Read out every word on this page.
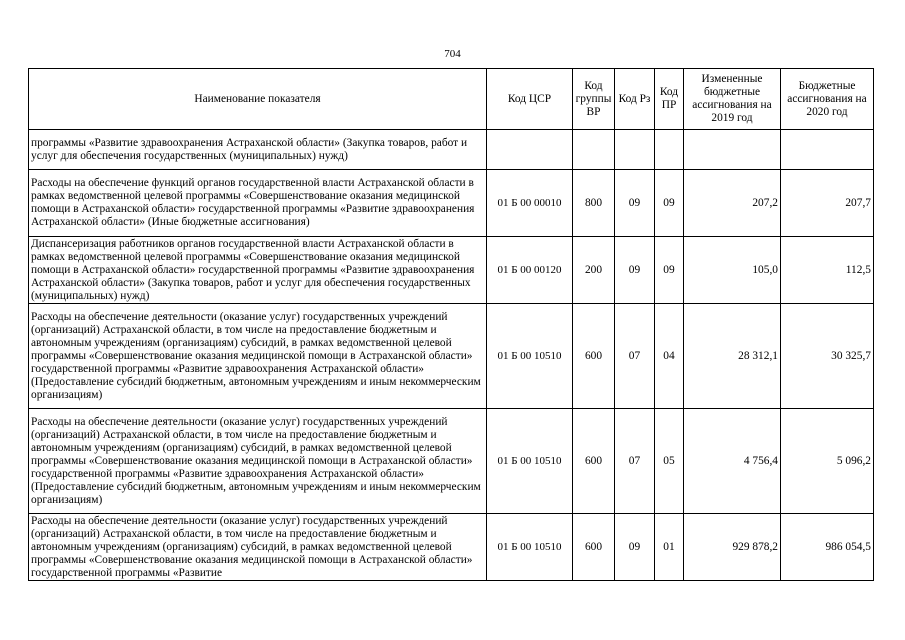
704
Наименование показателя	Код ЦСР	Код группы ВР	Код Рз	Код ПР	Измененные бюджетные ассигнования на 2019 год	Бюджетные ассигнования на 2020 год
программы «Развитие здравоохранения Астраханской области» (Закупка товаров, работ и услуг для обеспечения государственных (муниципальных) нужд)						
Расходы на обеспечение функций органов государственной власти Астраханской области в рамках ведомственной целевой программы «Совершенствование оказания медицинской помощи в Астраханской области» государственной программы «Развитие здравоохранения Астраханской области» (Иные бюджетные ассигнования)	01 Б 00 00010	800	09	09	207,2	207,7
Диспансеризация работников органов государственной власти Астраханской области в рамках ведомственной целевой программы «Совершенствование оказания медицинской помощи в Астраханской области» государственной программы «Развитие здравоохранения Астраханской области» (Закупка товаров, работ и услуг для обеспечения государственных (муниципальных) нужд)	01 Б 00 00120	200	09	09	105,0	112,5
Расходы на обеспечение деятельности (оказание услуг) государственных учреждений (организаций) Астраханской области, в том числе на предоставление бюджетным и автономным учреждениям (организациям) субсидий, в рамках ведомственной целевой программы «Совершенствование оказания медицинской помощи в Астраханской области» государственной программы «Развитие здравоохранения Астраханской области» (Предоставление субсидий бюджетным, автономным учреждениям и иным некоммерческим организациям)	01 Б 00 10510	600	07	04	28 312,1	30 325,7
Расходы на обеспечение деятельности (оказание услуг) государственных учреждений (организаций) Астраханской области, в том числе на предоставление бюджетным и автономным учреждениям (организациям) субсидий, в рамках ведомственной целевой программы «Совершенствование оказания медицинской помощи в Астраханской области» государственной программы «Развитие здравоохранения Астраханской области» (Предоставление субсидий бюджетным, автономным учреждениям и иным некоммерческим организациям)	01 Б 00 10510	600	07	05	4 756,4	5 096,2
Расходы на обеспечение деятельности (оказание услуг) государственных учреждений (организаций) Астраханской области, в том числе на предоставление бюджетным и автономным учреждениям (организациям) субсидий, в рамках ведомственной целевой программы «Совершенствование оказания медицинской помощи в Астраханской области» государственной программы «Развитие	01 Б 00 10510	600	09	01	929 878,2	986 054,5
